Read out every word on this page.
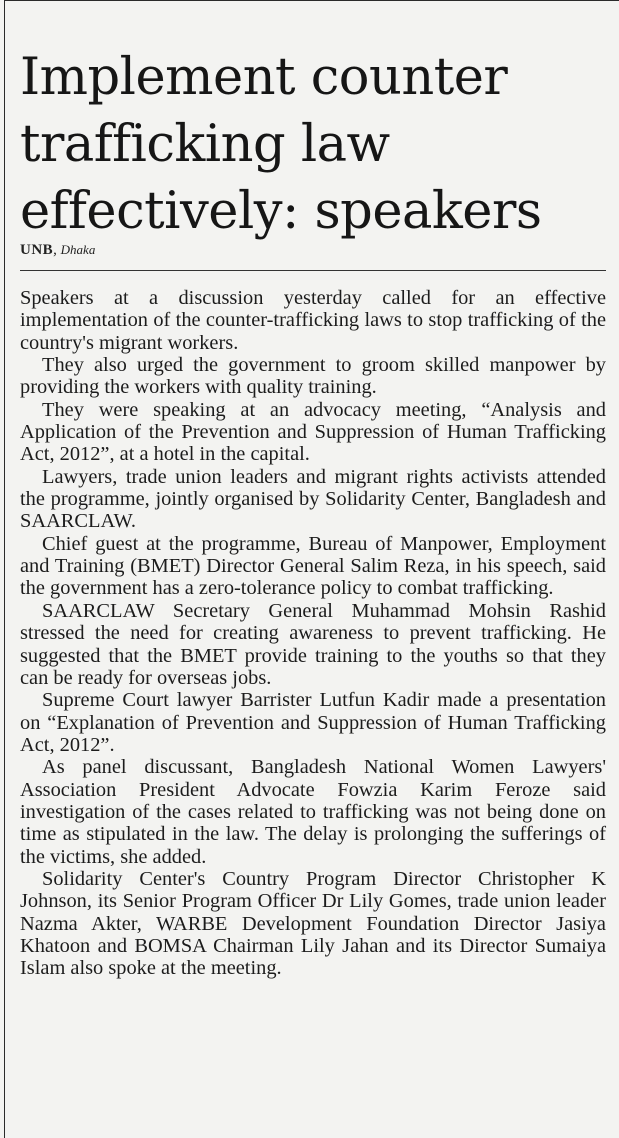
Implement counter trafficking law effectively: speakers
UNB, Dhaka

Speakers at a discussion yesterday called for an effective implementation of the counter-trafficking laws to stop trafficking of the country's migrant workers.

They also urged the government to groom skilled manpower by providing the workers with quality training.

They were speaking at an advocacy meeting, “Analysis and Application of the Prevention and Suppression of Human Trafficking Act, 2012”, at a hotel in the capital.

Lawyers, trade union leaders and migrant rights activists attended the programme, jointly organised by Solidarity Center, Bangladesh and SAARCLAW.

Chief guest at the programme, Bureau of Manpower, Employment and Training (BMET) Director General Salim Reza, in his speech, said the government has a zero-tolerance policy to combat trafficking.

SAARCLAW Secretary General Muhammad Mohsin Rashid stressed the need for creating awareness to prevent trafficking. He suggested that the BMET provide training to the youths so that they can be ready for overseas jobs.

Supreme Court lawyer Barrister Lutfun Kadir made a presentation on “Explanation of Prevention and Suppression of Human Trafficking Act, 2012”.

As panel discussant, Bangladesh National Women Lawyers' Association President Advocate Fowzia Karim Feroze said investigation of the cases related to trafficking was not being done on time as stipulated in the law. The delay is prolonging the sufferings of the victims, she added.

Solidarity Center's Country Program Director Christopher K Johnson, its Senior Program Officer Dr Lily Gomes, trade union leader Nazma Akter, WARBE Development Foundation Director Jasiya Khatoon and BOMSA Chairman Lily Jahan and its Director Sumaiya Islam also spoke at the meeting.
